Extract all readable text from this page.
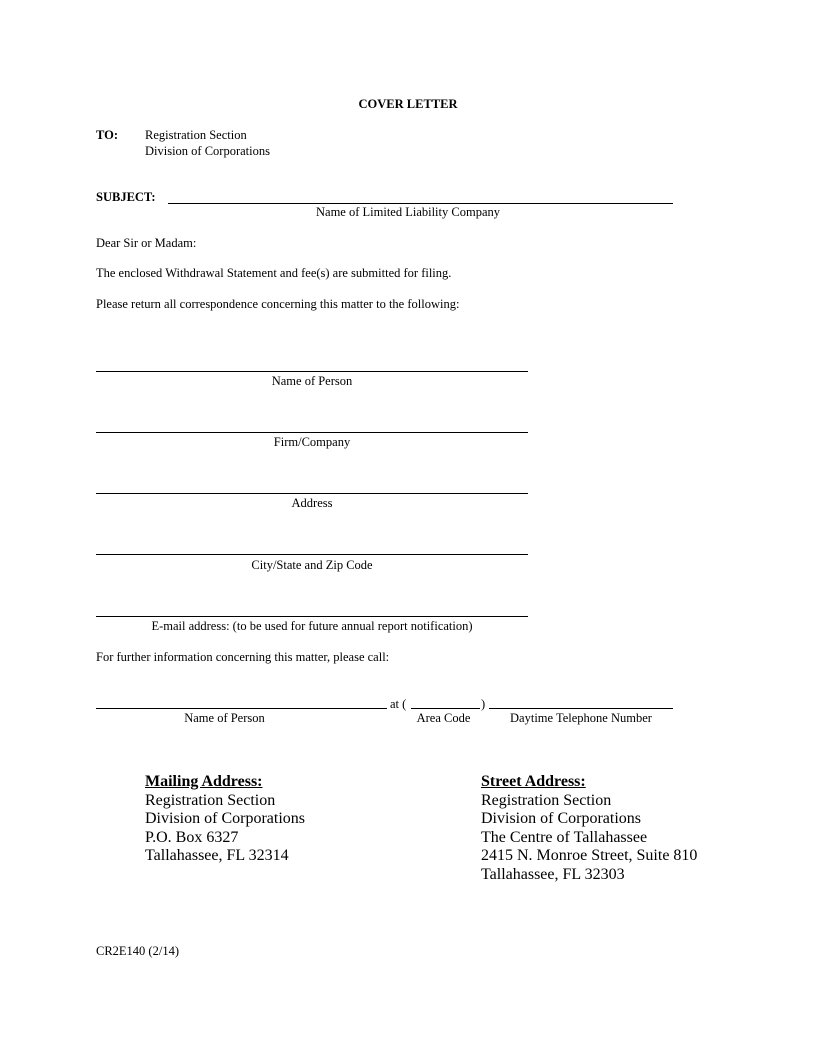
COVER LETTER
TO: Registration Section
Division of Corporations
SUBJECT:
Name of Limited Liability Company
Dear Sir or Madam:
The enclosed Withdrawal Statement and fee(s) are submitted for filing.
Please return all correspondence concerning this matter to the following:
Name of Person
Firm/Company
Address
City/State and Zip Code
E-mail address: (to be used for future annual report notification)
For further information concerning this matter, please call:
at (	)
Name of Person	Area Code	Daytime Telephone Number
Mailing Address:
Registration Section
Division of Corporations
P.O. Box 6327
Tallahassee, FL 32314
Street Address:
Registration Section
Division of Corporations
The Centre of Tallahassee
2415 N. Monroe Street, Suite 810
Tallahassee, FL 32303
CR2E140 (2/14)
